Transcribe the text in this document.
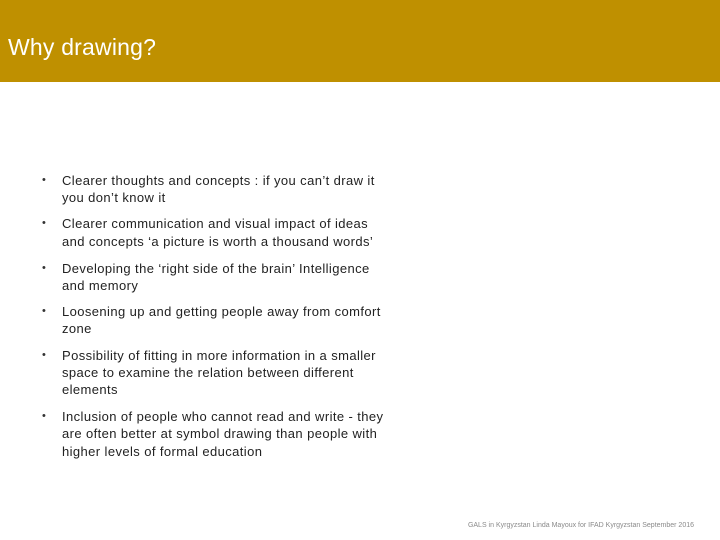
Why drawing?
• Clearer thoughts and concepts : if you can’t draw it you don’t know it
• Clearer communication and visual impact of ideas and concepts ‘a picture is worth a thousand words’
• Developing the ‘right side of the brain’ Intelligence and memory
• Loosening up and getting people away from comfort zone
• Possibility of fitting in more information in a smaller space to examine the relation between different elements
• Inclusion of people who cannot read and write - they are often better at symbol drawing than people with higher levels of formal education
GALS in Kyrgyzstan Linda Mayoux for IFAD Kyrgyzstan September 2016
